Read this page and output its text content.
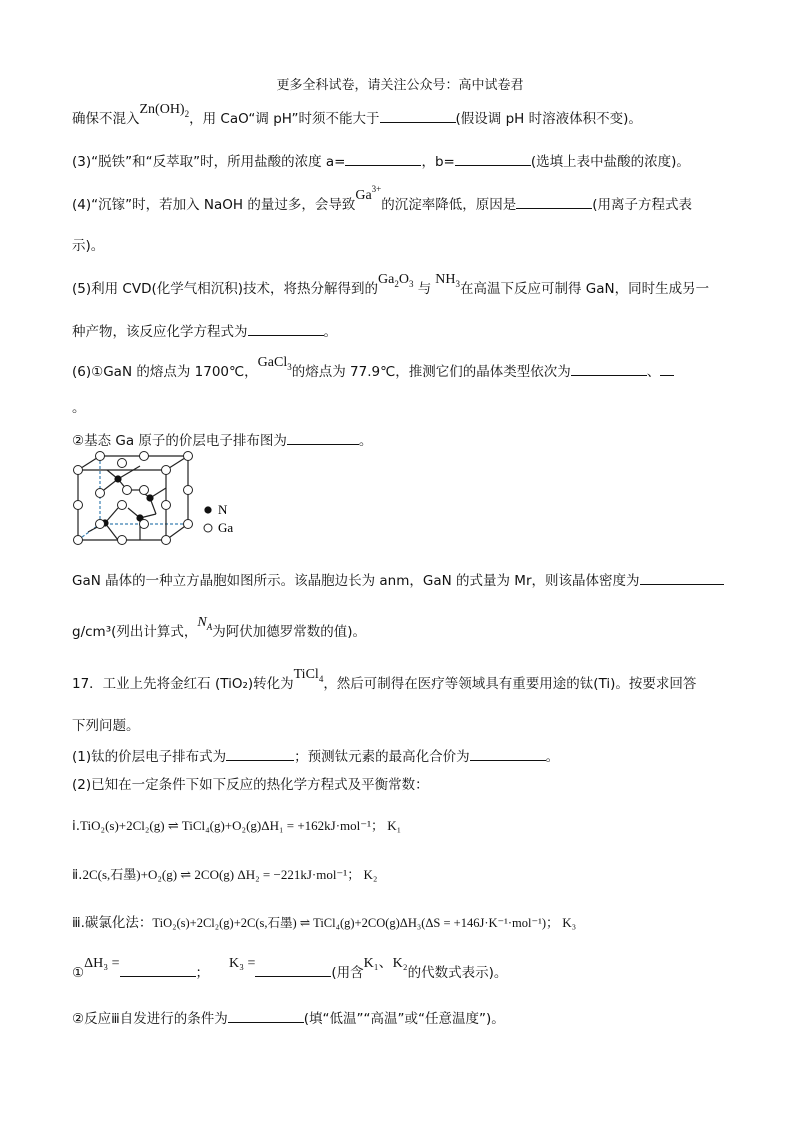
更多全科试卷，请关注公众号：高中试卷君
确保不混入$Zn(OH)_2$，用 CaO“调 pH”时须不能大于	(假设调 pH 时溶液体积不变)。
(3)“脱铁”和“反萃取”时，所用盐酸的浓度 a=	，b=	(选填上表中盐酸的浓度)。
(4)“沉镓”时，若加入 NaOH 的量过多，会导致$Ga^{3+}$的沉淀率降低，原因是	(用离子方程式表
示)。
(5)利用 CVD(化学气相沉积)技术，将热分解得到的$Ga_2O_3$ 与$NH_3$在高温下反应可制得 GaN，同时生成另一
种产物，该反应化学方程式为	。
(6)①GaN 的熔点为 1700℃，GaCl$_3$的熔点为 77.9℃，推测它们的晶体类型依次为	、
。
②基态 Ga 原子的价层电子排布图为	。
N
Ga
GaN 晶体的一种立方晶胞如图所示。该晶胞边长为 anm，GaN 的式量为 Mr，则该晶体密度为
g/cm³(列出计算式，$N_A$为阿伏加德罗常数的值)。
17．工业上先将金红石 (TiO₂)转化为TiCl$_4$，然后可制得在医疗等领域具有重要用途的钛(Ti)。按要求回答
下列问题。
(1)钛的价层电子排布式为	；预测钛元素的最高化合价为	。
(2)已知在一定条件下如下反应的热化学方程式及平衡常数：
ⅰ.TiO₂(s)+2Cl₂(g) ⇌ TiCl₄(g)+O₂(g)ΔH₁ = +162kJ·mol⁻¹； K₁
ⅱ.2C(s,石墨)+O₂(g) ⇌ 2CO(g) ΔH₂ = −221kJ·mol⁻¹； K₂
ⅲ.碳氯化法：TiO₂(s)+2Cl₂(g)+2C(s,石墨) ⇌ TiCl₄(g)+2CO(g)ΔH₃(ΔS = +146J·K⁻¹·mol⁻¹)； K₃
①ΔH₃ =；K₃ =(用含K₁、K₂的代数式表示)。
②反应ⅲ自发进行的条件为	(填“低温”“高温”或“任意温度”)。
